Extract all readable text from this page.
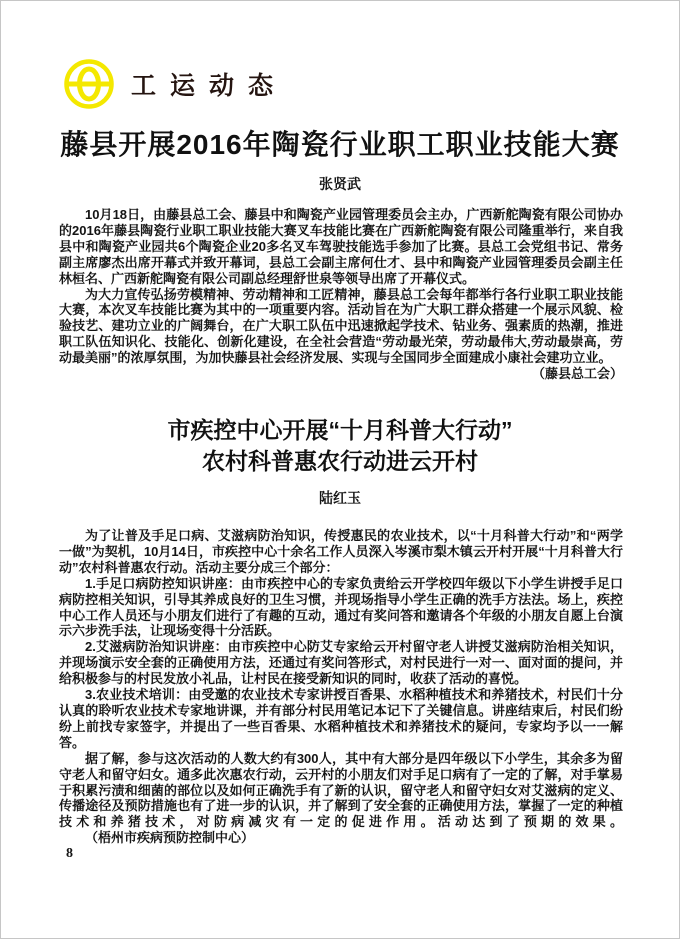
工运动态
藤县开展2016年陶瓷行业职工职业技能大赛
张贤武

10月18日，由藤县总工会、藤县中和陶瓷产业园管理委员会主办，广西新舵陶瓷有限公司协办的2016年藤县陶瓷行业职工职业技能大赛叉车技能比赛在广西新舵陶瓷有限公司隆重举行，来自我县中和陶瓷产业园共6个陶瓷企业20多名叉车驾驶技能选手参加了比赛。县总工会党组书记、常务副主席廖杰出席开幕式并致开幕词，县总工会副主席何仕才、县中和陶瓷产业园管理委员会副主任林桓名、广西新舵陶瓷有限公司副总经理舒世泉等领导出席了开幕仪式。

为大力宣传弘扬劳模精神、劳动精神和工匠精神，藤县总工会每年都举行各行业职工职业技能大赛，本次叉车技能比赛为其中的一项重要内容。活动旨在为广大职工群众搭建一个展示风貌、检验技艺、建功立业的广阔舞台，在广大职工队伍中迅速掀起学技术、钻业务、强素质的热潮，推进职工队伍知识化、技能化、创新化建设，在全社会营造“劳动最光荣，劳动最伟大,劳动最崇高，劳动最美丽”的浓厚氛围，为加快藤县社会经济发展、实现与全国同步全面建成小康社会建功立业。

（藤县总工会）

市疾控中心开展“十月科普大行动”
农村科普惠农行动进云开村
陆红玉

为了让普及手足口病、艾滋病防治知识，传授惠民的农业技术，以“十月科普大行动”和“两学一做”为契机，10月14日，市疾控中心十余名工作人员深入岑溪市梨木镇云开村开展“十月科普大行动”农村科普惠农行动。活动主要分成三个部分：

1.手足口病防控知识讲座：由市疾控中心的专家负责给云开学校四年级以下小学生讲授手足口病防控相关知识，引导其养成良好的卫生习惯，并现场指导小学生正确的洗手方法法。场上，疾控中心工作人员还与小朋友们进行了有趣的互动，通过有奖问答和邀请各个年级的小朋友自愿上台演示六步洗手法，让现场变得十分活跃。

2.艾滋病防治知识讲座：由市疾控中心防艾专家给云开村留守老人讲授艾滋病防治相关知识，并现场演示安全套的正确使用方法，还通过有奖问答形式，对村民进行一对一、面对面的提问，并给积极参与的村民发放小礼品，让村民在接受新知识的同时，收获了活动的喜悦。

3.农业技术培训：由受邀的农业技术专家讲授百香果、水稻种植技术和养猪技术，村民们十分认真的聆听农业技术专家地讲课，并有部分村民用笔记本记下了关键信息。讲座结束后，村民们纷纷上前找专家签字，并提出了一些百香果、水稻种植技术和养猪技术的疑问，专家均予以一一解答。

据了解，参与这次活动的人数大约有300人，其中有大部分是四年级以下小学生，其余多为留守老人和留守妇女。通多此次惠农行动，云开村的小朋友们对手足口病有了一定的了解，对手掌易于积累污渍和细菌的部位以及如何正确洗手有了新的认识，留守老人和留守妇女对艾滋病的定义、传播途径及预防措施也有了进一步的认识，并了解到了安全套的正确使用方法，掌握了一定的种植技术和养猪技术，对防病减灾有一定的促进作用。活动达到了预期的效果。（梧州市疾病预防控制中心）

8
